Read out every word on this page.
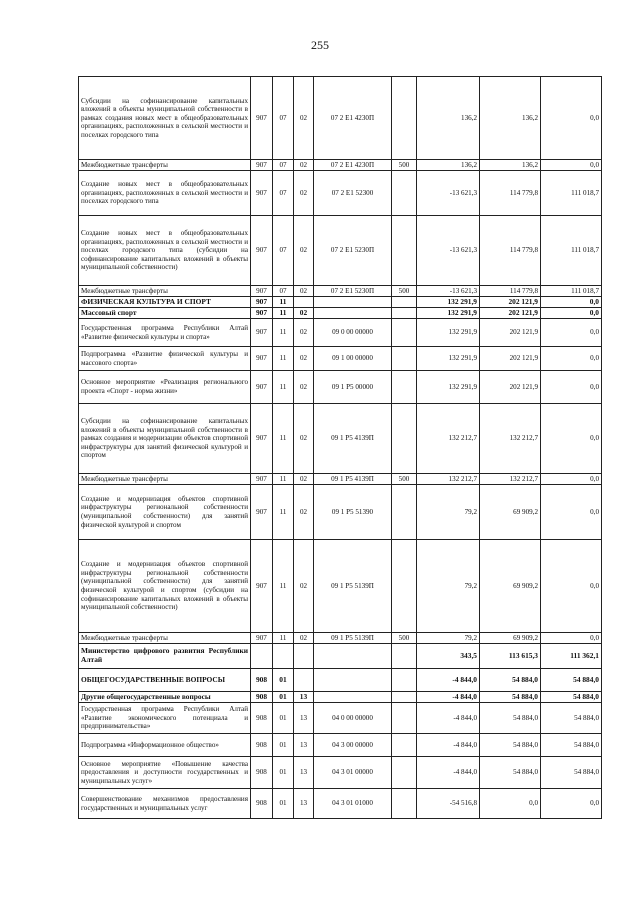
255
Субсидии на софинансирование капитальных вложений в объекты муниципальной собственности в рамках создания новых мест в общеобразовательных организациях, расположенных в сельской местности и поселках городского типа	907	07	02	07 2 Е1 4230П		136,2	136,2	0,0
Межбюджетные трансферты	907	07	02	07 2 Е1 4230П	500	136,2	136,2	0,0
Создание новых мест в общеобразовательных организациях, расположенных в сельской местности и поселках городского типа	907	07	02	07 2 Е1 52300		-13 621,3	114 779,8	111 018,7
Создание новых мест в общеобразовательных организациях, расположенных в сельской местности и поселках городского типа (субсидии на софинансирование капитальных вложений в объекты муниципальной собственности)	907	07	02	07 2 Е1 5230П		-13 621,3	114 779,8	111 018,7
Межбюджетные трансферты	907	07	02	07 2 Е1 5230П	500	-13 621,3	114 779,8	111 018,7
ФИЗИЧЕСКАЯ КУЛЬТУРА И СПОРТ	907	11				132 291,9	202 121,9	0,0
Массовый спорт	907	11	02			132 291,9	202 121,9	0,0
Государственная программа Республики Алтай «Развитие физической культуры и спорта»	907	11	02	09 0 00 00000		132 291,9	202 121,9	0,0
Подпрограмма «Развитие физической культуры и массового спорта»	907	11	02	09 1 00 00000		132 291,9	202 121,9	0,0
Основное мероприятие «Реализация регионального проекта «Спорт - норма жизни»	907	11	02	09 1 Р5 00000		132 291,9	202 121,9	0,0
Субсидии на софинансирование капитальных вложений в объекты муниципальной собственности в рамках создания и модернизации объектов спортивной инфраструктуры для занятий физической культурой и спортом	907	11	02	09 1 Р5 4139П		132 212,7	132 212,7	0,0
Межбюджетные трансферты	907	11	02	09 1 Р5 4139П	500	132 212,7	132 212,7	0,0
Создание и модернизация объектов спортивной инфраструктуры региональной собственности (муниципальной собственности) для занятий физической культурой и спортом	907	11	02	09 1 Р5 51390		79,2	69 909,2	0,0
Создание и модернизация объектов спортивной инфраструктуры региональной собственности (муниципальной собственности) для занятий физической культурой и спортом (субсидии на софинансирование капитальных вложений в объекты муниципальной собственности)	907	11	02	09 1 Р5 5139П		79,2	69 909,2	0,0
Межбюджетные трансферты	907	11	02	09 1 Р5 5139П	500	79,2	69 909,2	0,0
Министерство цифрового развития Республики Алтай						343,5	113 615,3	111 362,1
ОБЩЕГОСУДАРСТВЕННЫЕ ВОПРОСЫ	908	01				-4 844,0	54 884,0	54 884,0
Другие общегосударственные вопросы	908	01	13			-4 844,0	54 884,0	54 884,0
Государственная программа Республики Алтай «Развитие экономического потенциала и предпринимательства»	908	01	13	04 0 00 00000		-4 844,0	54 884,0	54 884,0
Подпрограмма «Информационное общество»	908	01	13	04 3 00 00000		-4 844,0	54 884,0	54 884,0
Основное мероприятие «Повышение качества предоставления и доступности государственных и муниципальных услуг»	908	01	13	04 3 01 00000		-4 844,0	54 884,0	54 884,0
Совершенствование механизмов предоставления государственных и муниципальных услуг	908	01	13	04 3 01 01000		-54 516,8	0,0	0,0
